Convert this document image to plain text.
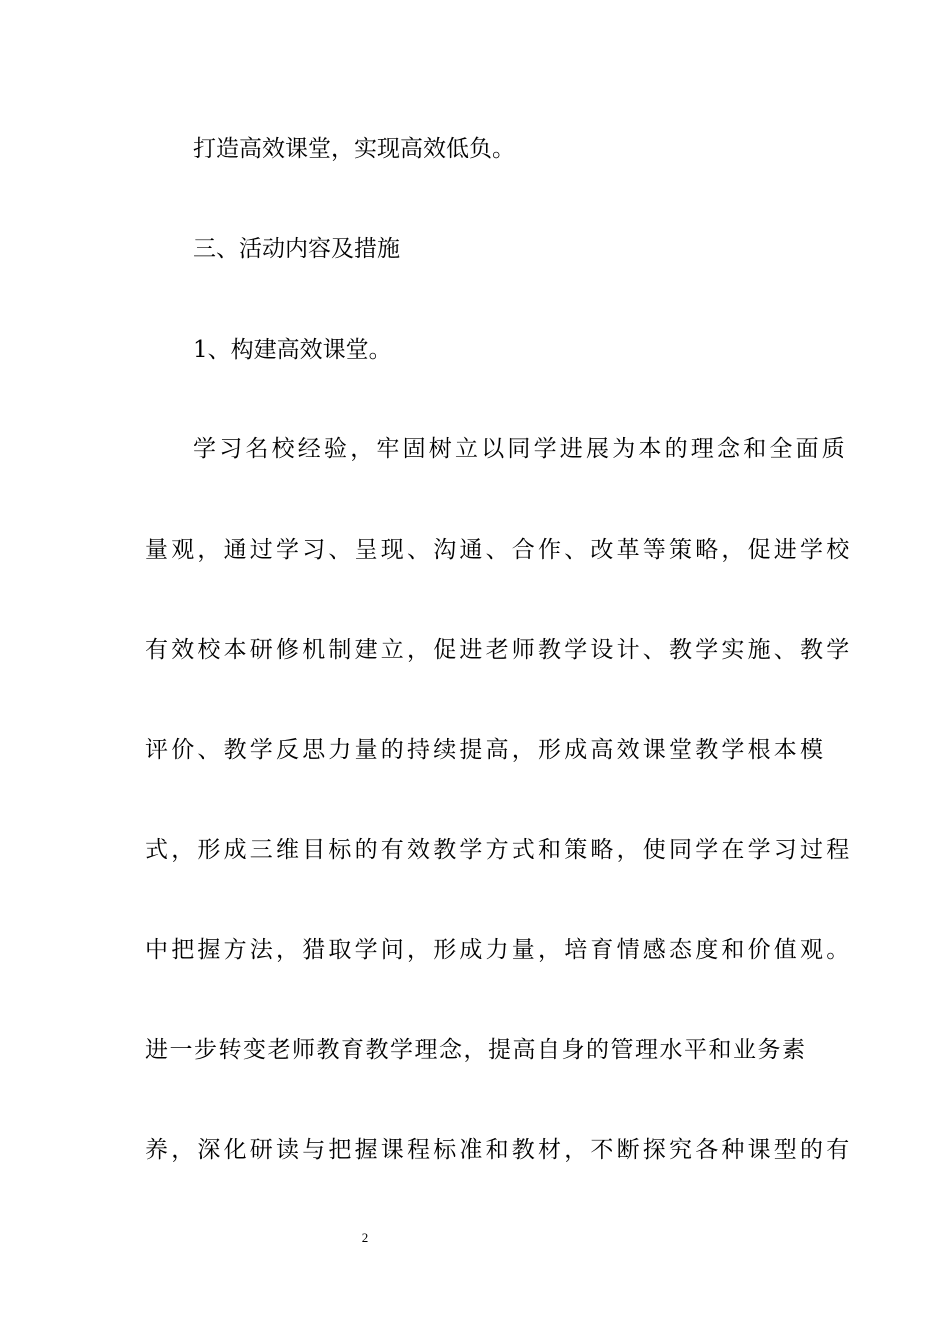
打造高效课堂，实现高效低负。
三、活动内容及措施
1、构建高效课堂。
学习名校经验，牢固树立以同学进展为本的理念和全面质
量观，通过学习、呈现、沟通、合作、改革等策略，促进学校
有效校本研修机制建立，促进老师教学设计、教学实施、教学
评价、教学反思力量的持续提高，形成高效课堂教学根本模
式，形成三维目标的有效教学方式和策略，使同学在学习过程
中把握方法，猎取学问，形成力量，培育情感态度和价值观。
进一步转变老师教育教学理念，提高自身的管理水平和业务素
养，深化研读与把握课程标准和教材，不断探究各种课型的有
2
